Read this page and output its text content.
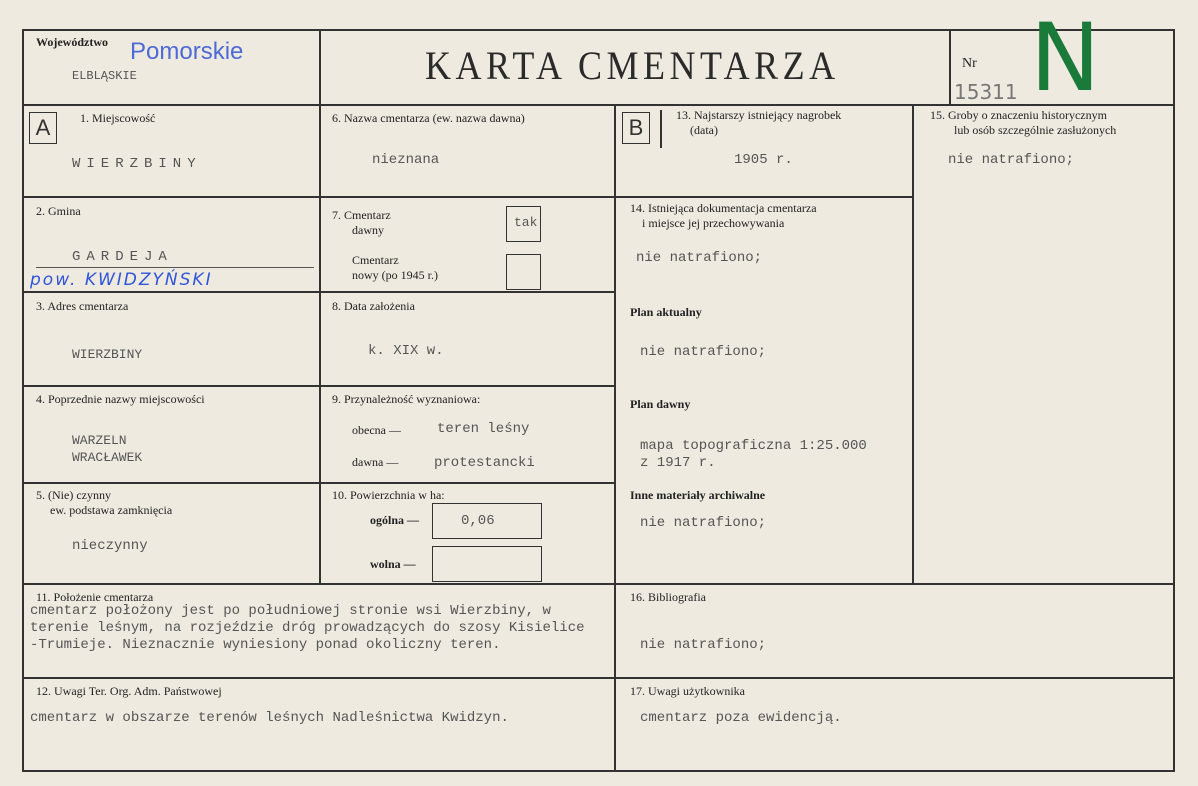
Województwo Pomorskie
ELBLĄSKIE	KARTA CMENTARZA	Nr
15311 N
A	1. Miejscowość
WIERZBINY
2. Gmina
GARDEJA
pow. KWIDZYŃSKI
3. Adres cmentarza
WIERZBINY
4. Poprzednie nazwy miejscowości
WARZELN
WRACŁAWEK
5. (Nie) czynny
ew. podstawa zamknięcia
nieczynny
6. Nazwa cmentarza (ew. nazwa dawna)
nieznana
7. Cmentarz
dawny	tak
Cmentarz
nowy (po 1945 r.)
8. Data założenia
k. XIX w.
9. Przynależność wyznaniowa:
obecna —	teren leśny
dawna —	protestancki
10. Powierzchnia w ha:
ogólna —	0,06
wolna —
B	13. Najstarszy istniejący nagrobek
(data)
1905 r.
14. Istniejąca dokumentacja cmentarza
i miejsce jej przechowywania
nie natrafiono;
Plan aktualny
nie natrafiono;
Plan dawny
mapa topograficzna 1:25.000
z 1917 r.
Inne materiały archiwalne
nie natrafiono;
15. Groby o znaczeniu historycznym
lub osób szczególnie zasłużonych
nie natrafiono;
11. Położenie cmentarza
cmentarz położony jest po południowej stronie wsi Wierzbiny, w
terenie leśnym, na rozjeździe dróg prowadzących do szosy Kisielice
-Trumieje. Nieznacznie wyniesiony ponad okoliczny teren.
12. Uwagi Ter. Org. Adm. Państwowej
cmentarz w obszarze terenów leśnych Nadleśnictwa Kwidzyn.
16. Bibliografia
nie natrafiono;
17. Uwagi użytkownika
cmentarz poza ewidencją.
